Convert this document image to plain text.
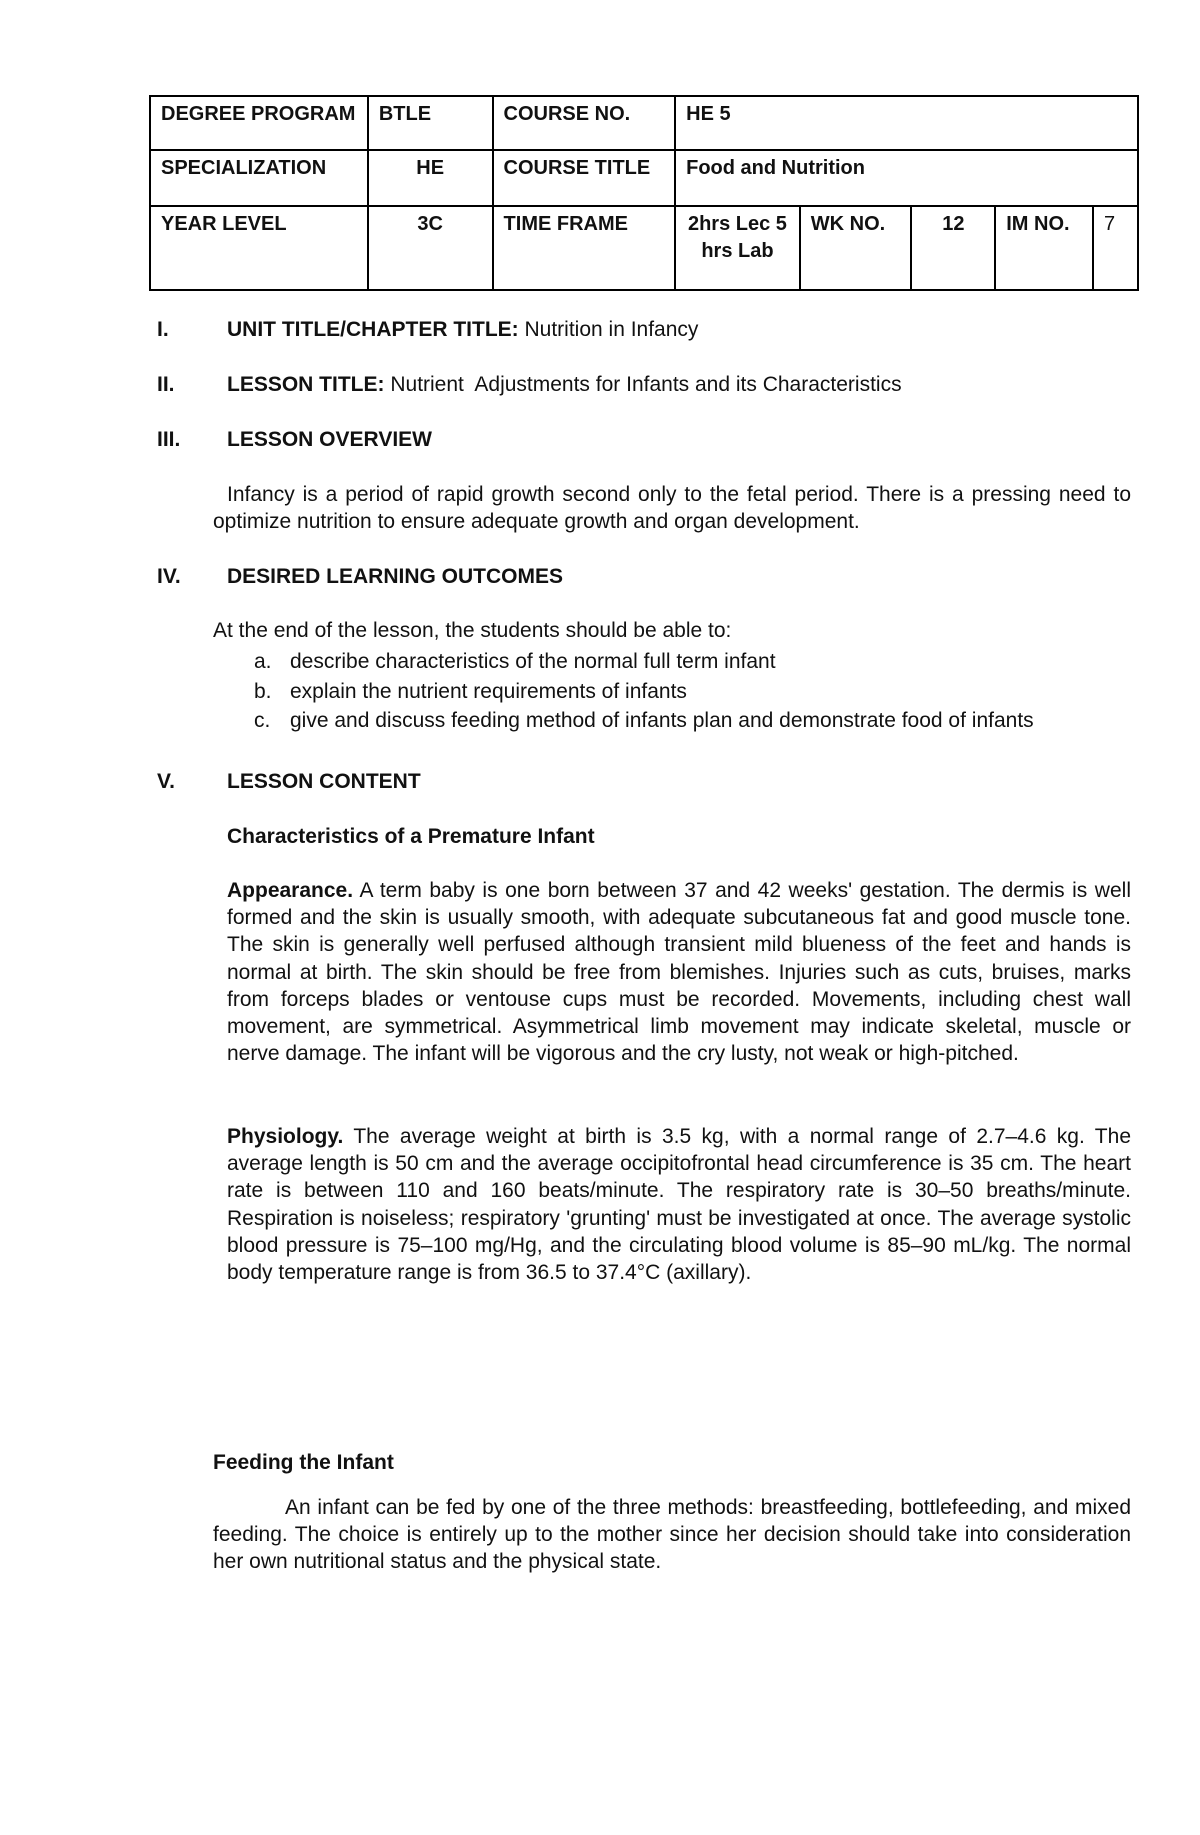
DEGREE PROGRAM	BTLE	COURSE NO.	HE 5				
SPECIALIZATION	HE	COURSE TITLE	Food and Nutrition				
YEAR LEVEL	3C	TIME FRAME	2hrs Lec 5 hrs Lab	WK NO.	12	IM NO.	7
I.	UNIT TITLE/CHAPTER TITLE: Nutrition in Infancy
II. LESSON TITLE: Nutrient  Adjustments for Infants and its Characteristics
III. LESSON OVERVIEW

Infancy is a period of rapid growth second only to the fetal period. There is a pressing need to optimize nutrition to ensure adequate growth and organ development.

IV. DESIRED LEARNING OUTCOMES
At the end of the lesson, the students should be able to:
a. describe characteristics of the normal full term infant
b. explain the nutrient requirements of infants
c. give and discuss feeding method of infants plan and demonstrate food of infants
V. LESSON CONTENT
Characteristics of a Premature Infant

Appearance. A term baby is one born between 37 and 42 weeks' gestation. The dermis is well formed and the skin is usually smooth, with adequate subcutaneous fat and good muscle tone. The skin is generally well perfused although transient mild blueness of the feet and hands is normal at birth. The skin should be free from blemishes. Injuries such as cuts, bruises, marks from forceps blades or ventouse cups must be recorded. Movements, including chest wall movement, are symmetrical. Asymmetrical limb movement may indicate skeletal, muscle or nerve damage. The infant will be vigorous and the cry lusty, not weak or high-pitched.

Physiology. The average weight at birth is 3.5 kg, with a normal range of 2.7–4.6 kg. The average length is 50 cm and the average occipitofrontal head circumference is 35 cm. The heart rate is between 110 and 160 beats/minute. The respiratory rate is 30–50 breaths/minute. Respiration is noiseless; respiratory 'grunting' must be investigated at once. The average systolic blood pressure is 75–100 mg/Hg, and the circulating blood volume is 85–90 mL/kg. The normal body temperature range is from 36.5 to 37.4°C (axillary).

Feeding the Infant

An infant can be fed by one of the three methods: breastfeeding, bottlefeeding, and mixed feeding. The choice is entirely up to the mother since her decision should take into consideration her own nutritional status and the physical state.
